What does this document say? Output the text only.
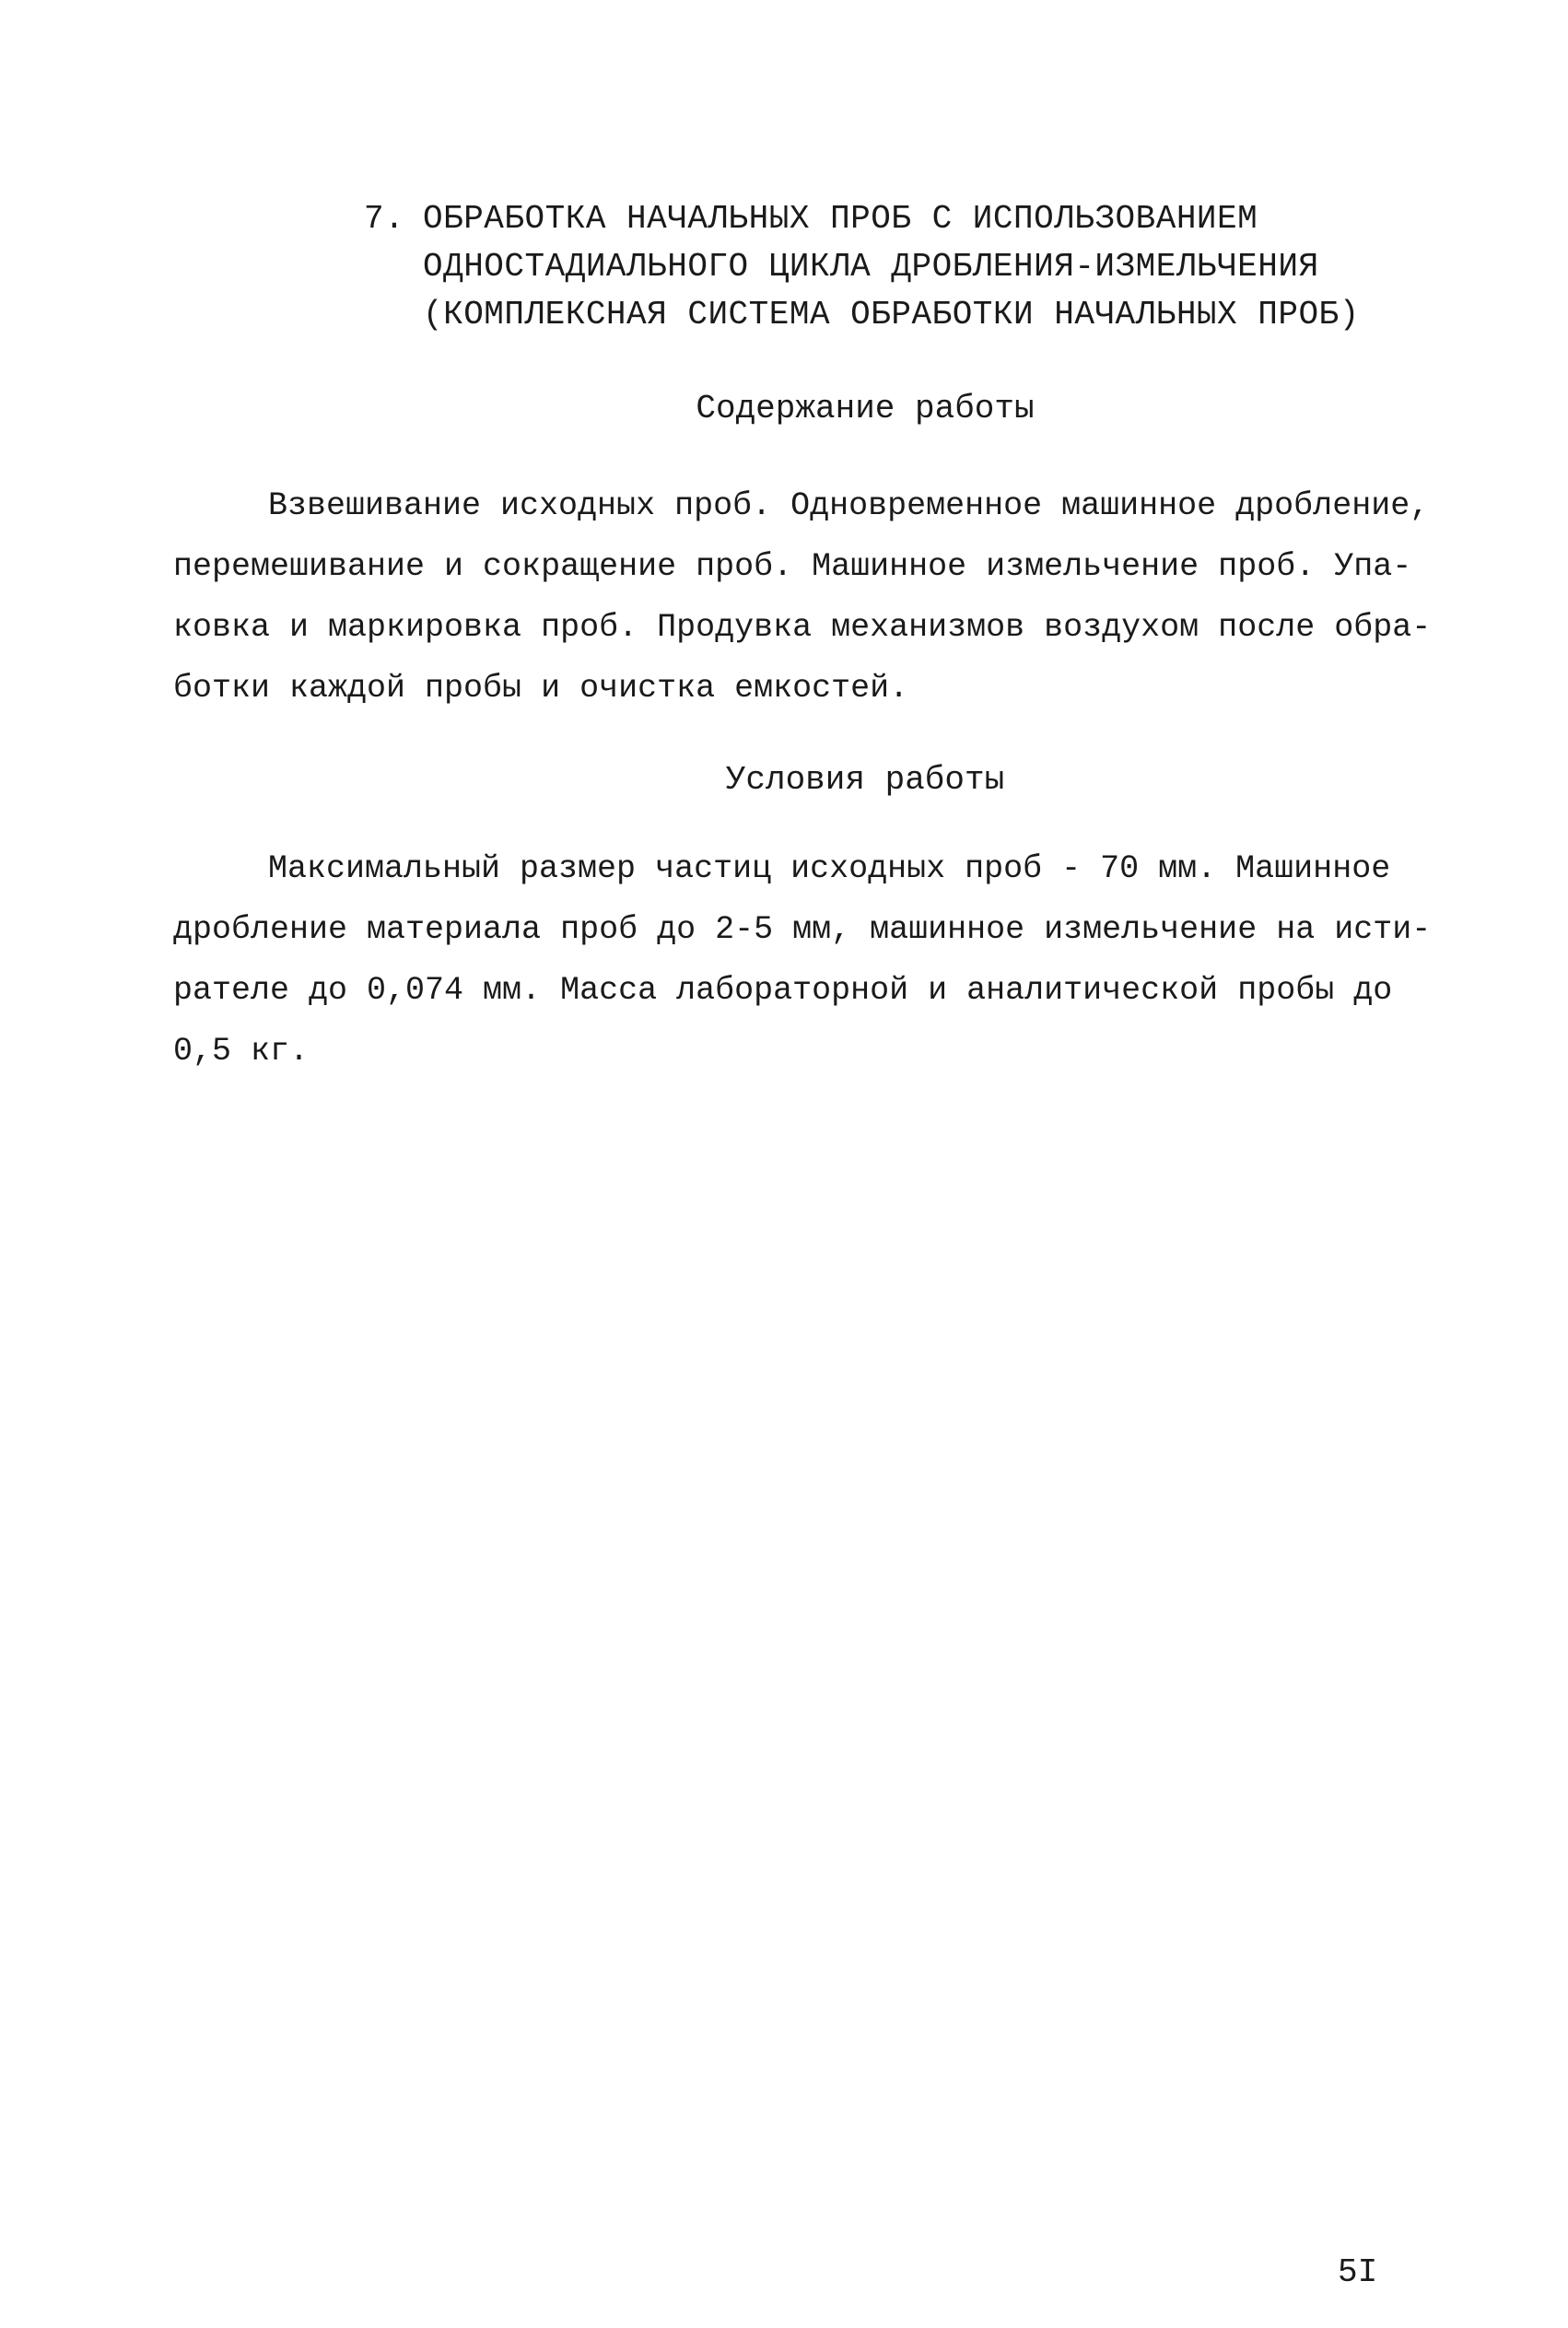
7. ОБРАБОТКА НАЧАЛЬНЫХ ПРОБ С ИСПОЛЬЗОВАНИЕМ
ОДНОСТАДИАЛЬНОГО ЦИКЛА ДРОБЛЕНИЯ-ИЗМЕЛЬЧЕНИЯ
(КОМПЛЕКСНАЯ СИСТЕМА ОБРАБОТКИ НАЧАЛЬНЫХ ПРОБ)
Содержание работы

Взвешивание исходных проб. Одновременное машинное дробление,
перемешивание и сокращение проб. Машинное измельчение проб. Упа-
ковка и маркировка проб. Продувка механизмов воздухом после обра-
ботки каждой пробы и очистка емкостей.

Условия работы

Максимальный размер частиц исходных проб - 70 мм. Машинное
дробление материала проб до 2-5 мм, машинное измельчение на исти-
рателе до 0,074 мм. Масса лабораторной и аналитической пробы до
0,5 кг.

5I
